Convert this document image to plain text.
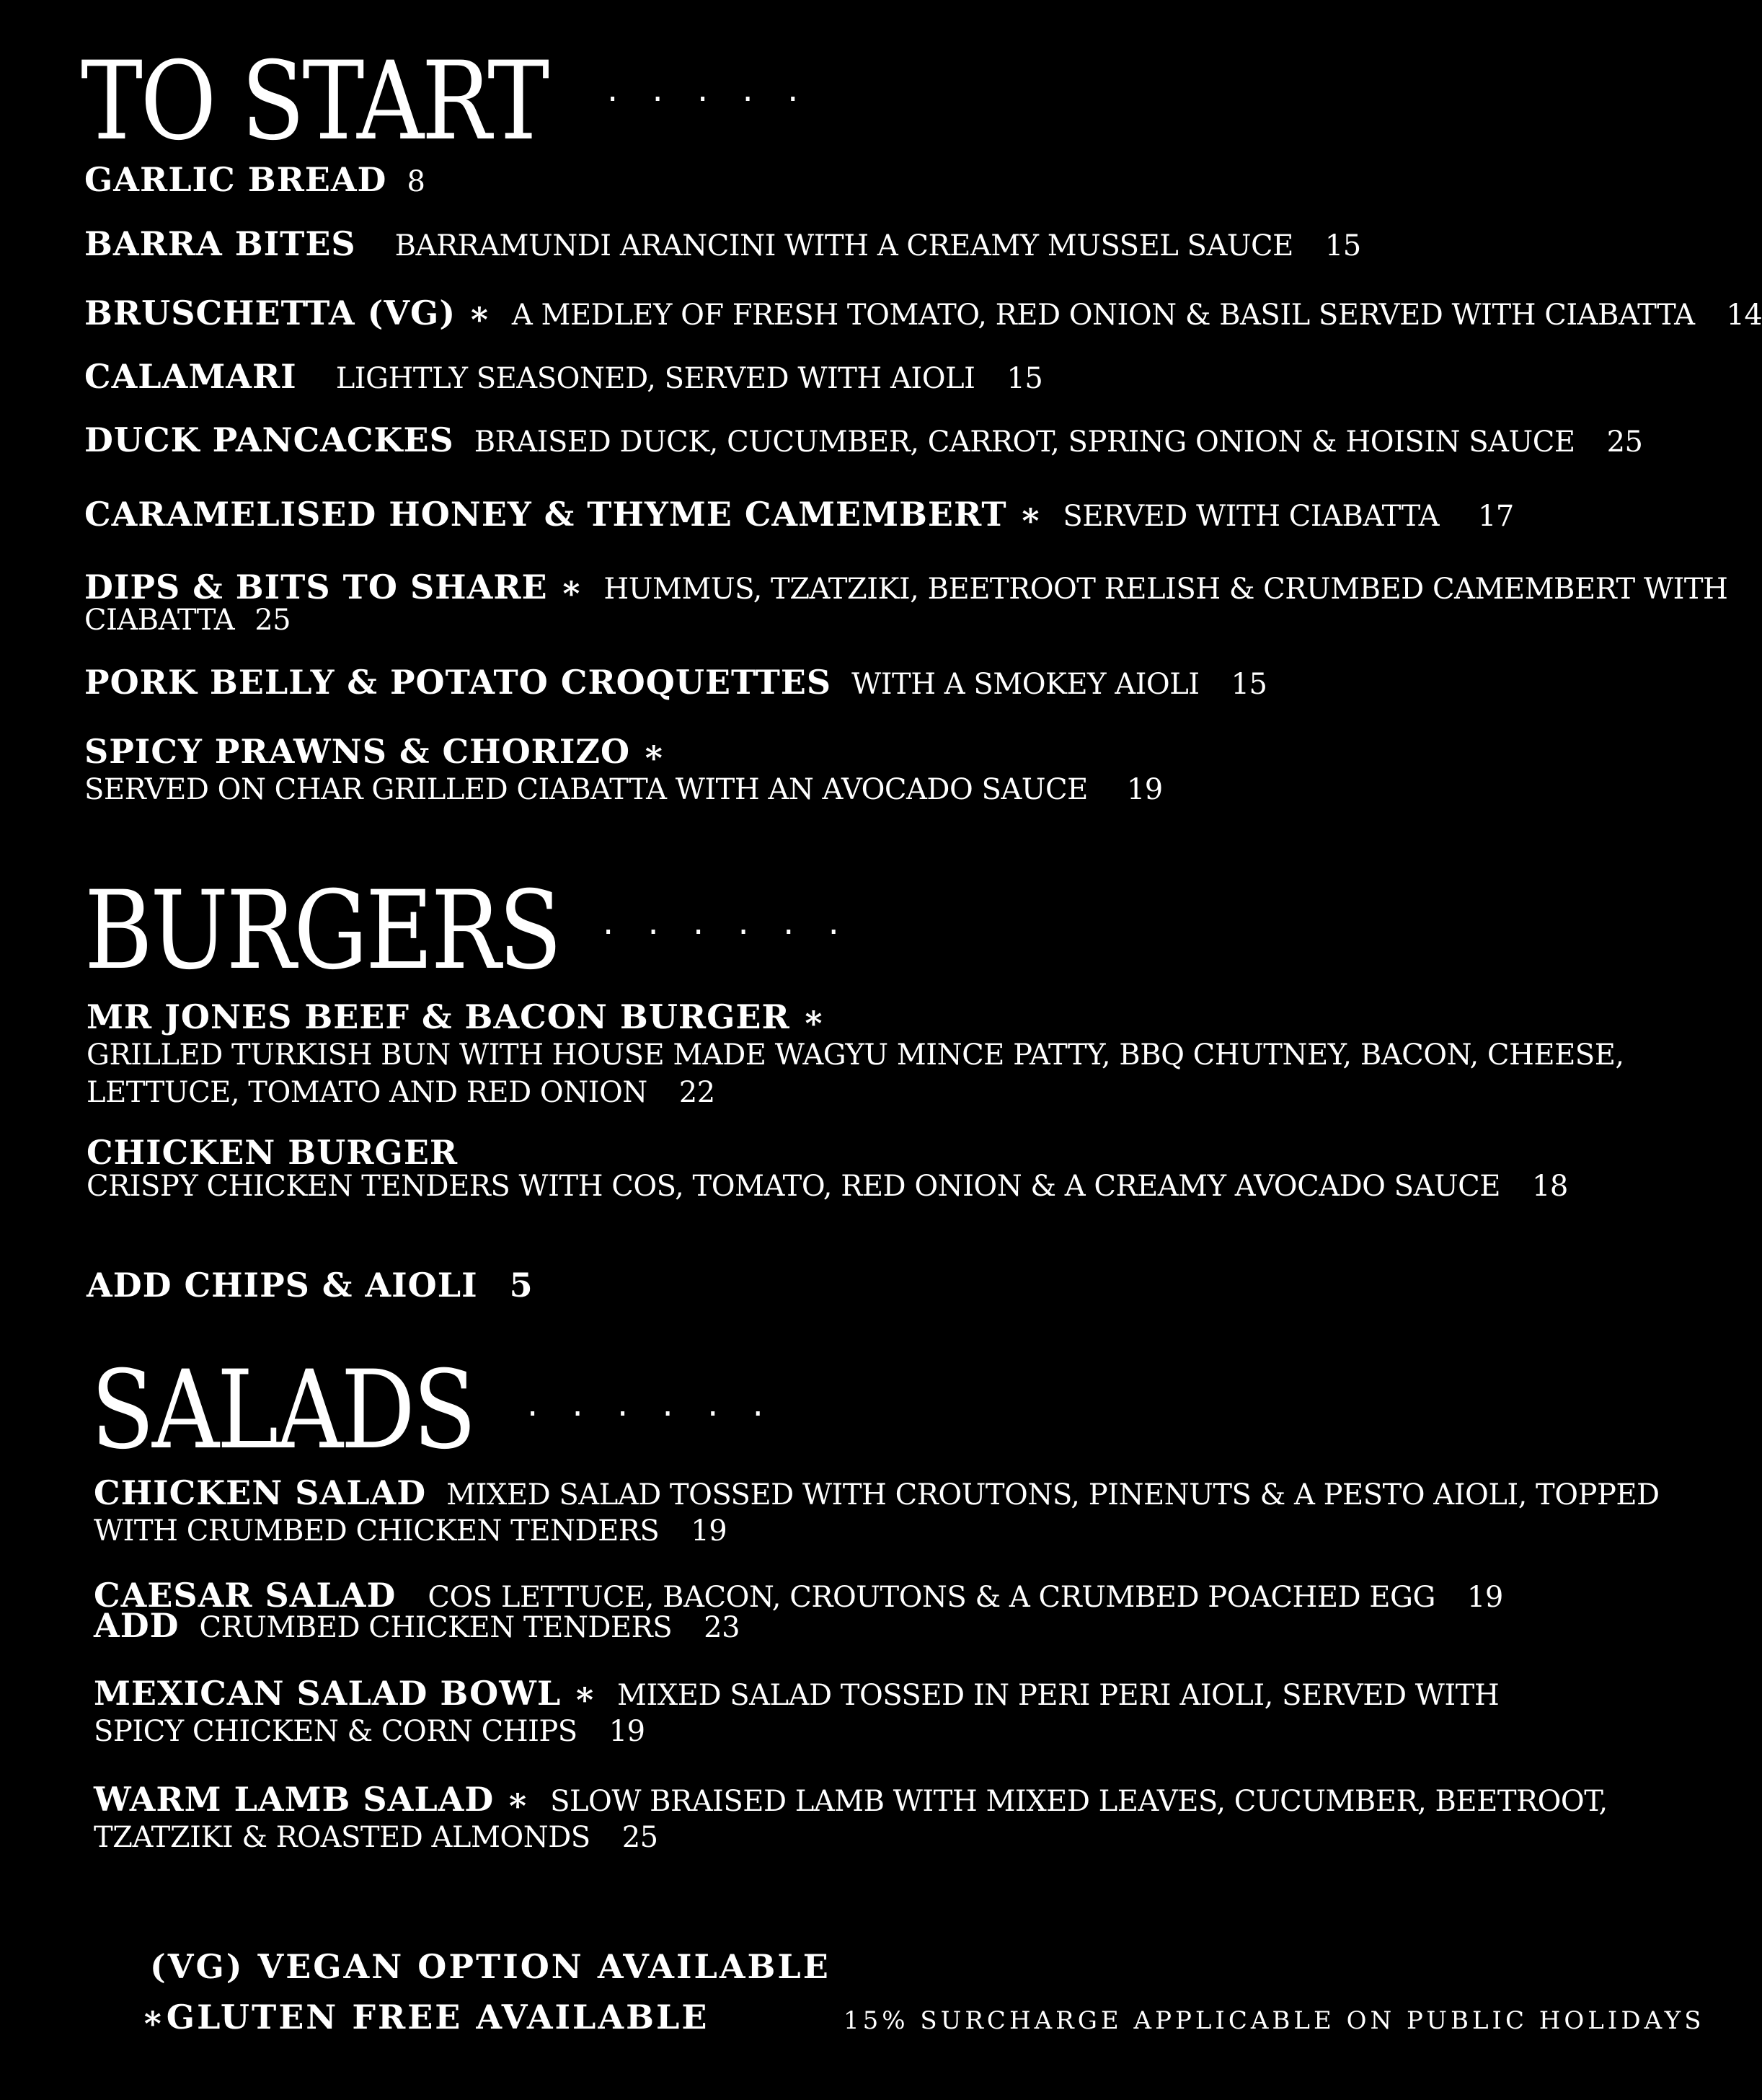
TO START . . . . .
GARLIC BREAD 8
BARRA BITES BARRAMUNDI ARANCINI WITH A CREAMY MUSSEL SAUCE 15
BRUSCHETTA (VG) ∗ A MEDLEY OF FRESH TOMATO, RED ONION & BASIL SERVED WITH CIABATTA 14
CALAMARI LIGHTLY SEASONED, SERVED WITH AIOLI 15
DUCK PANCACKES BRAISED DUCK, CUCUMBER, CARROT, SPRING ONION & HOISIN SAUCE 25
CARAMELISED HONEY & THYME CAMEMBERT ∗ SERVED WITH CIABATTA 17
DIPS & BITS TO SHARE ∗ HUMMUS, TZATZIKI, BEETROOT RELISH & CRUMBED CAMEMBERT WITH
CIABATTA 25
PORK BELLY & POTATO CROQUETTES WITH A SMOKEY AIOLI 15
SPICY PRAWNS & CHORIZO ∗
SERVED ON CHAR GRILLED CIABATTA WITH AN AVOCADO SAUCE 19
BURGERS . . . . . .
MR JONES BEEF & BACON BURGER ∗
GRILLED TURKISH BUN WITH HOUSE MADE WAGYU MINCE PATTY, BBQ CHUTNEY, BACON, CHEESE,
LETTUCE, TOMATO AND RED ONION 22
CHICKEN BURGER
CRISPY CHICKEN TENDERS WITH COS, TOMATO, RED ONION & A CREAMY AVOCADO SAUCE 18
ADD CHIPS & AIOLI 5
SALADS . . . . . .
CHICKEN SALAD MIXED SALAD TOSSED WITH CROUTONS, PINENUTS & A PESTO AIOLI, TOPPED
WITH CRUMBED CHICKEN TENDERS 19
CAESAR SALAD COS LETTUCE, BACON, CROUTONS & A CRUMBED POACHED EGG 19
ADD CRUMBED CHICKEN TENDERS 23
MEXICAN SALAD BOWL ∗ MIXED SALAD TOSSED IN PERI PERI AIOLI, SERVED WITH
SPICY CHICKEN & CORN CHIPS 19
WARM LAMB SALAD ∗ SLOW BRAISED LAMB WITH MIXED LEAVES, CUCUMBER, BEETROOT,
TZATZIKI & ROASTED ALMONDS 25
(VG) VEGAN OPTION AVAILABLE
∗GLUTEN FREE AVAILABLE	15% SURCHARGE APPLICABLE ON PUBLIC HOLIDAYS
